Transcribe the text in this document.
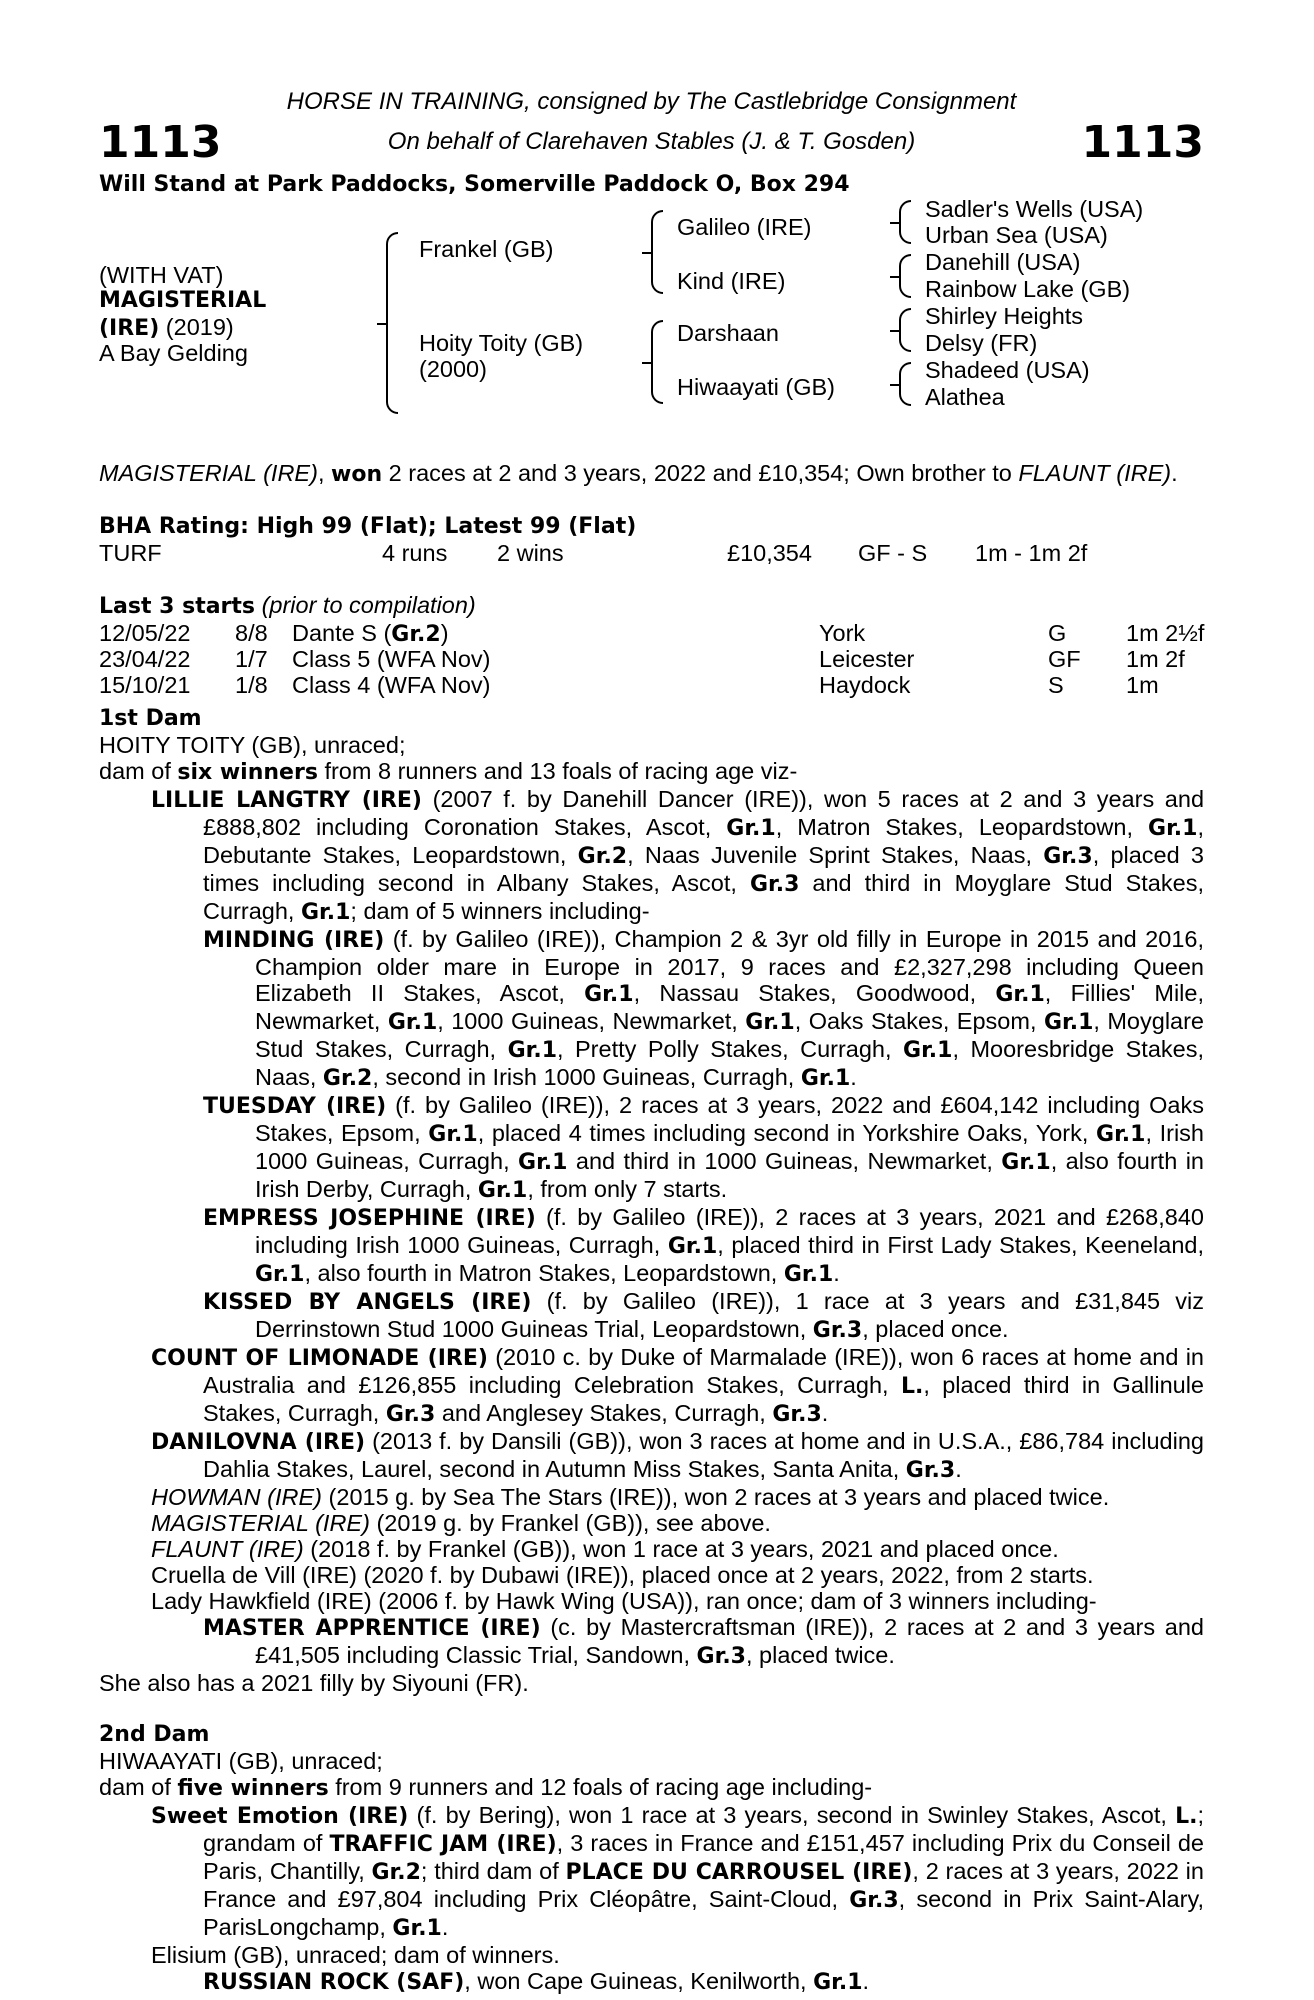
1113	1113
HORSE IN TRAINING, consigned by The Castlebridge Consignment
On behalf of Clarehaven Stables (J. & T. Gosden)
Will Stand at Park Paddocks, Somerville Paddock O, Box 294
(WITH VAT)
MAGISTERIAL
(IRE) (2019)
A Bay Gelding
Frankel (GB)
Hoity Toity (GB)
(2000)
Galileo (IRE)
Kind (IRE)
Darshaan
Hiwaayati (GB)
Sadler's Wells (USA)
Urban Sea (USA)
Danehill (USA)
Rainbow Lake (GB)
Shirley Heights
Delsy (FR)
Shadeed (USA)
Alathea
MAGISTERIAL (IRE), won 2 races at 2 and 3 years, 2022 and £10,354; Own brother to FLAUNT (IRE).
BHA Rating: High 99 (Flat); Latest 99 (Flat)
TURF	4 runs 2 wins	£10,354 GF - S 1m - 1m 2f
Last 3 starts (prior to compilation)
12/05/22 8/8 Dante S (Gr.2)	York	G	1m 2½f
23/04/22 1/7 Class 5 (WFA Nov)	Leicester	GF 1m 2f
15/10/21 1/8 Class 4 (WFA Nov)	Haydock	S	1m
1st Dam
HOITY TOITY (GB), unraced;
dam of six winners from 8 runners and 13 foals of racing age viz-
LILLIE LANGTRY (IRE) (2007 f. by Danehill Dancer (IRE)), won 5 races at 2 and 3 years and £888,802 including Coronation Stakes, Ascot, Gr.1, Matron Stakes, Leopardstown, Gr.1, Debutante Stakes, Leopardstown, Gr.2, Naas Juvenile Sprint Stakes, Naas, Gr.3, placed 3 times including second in Albany Stakes, Ascot, Gr.3 and third in Moyglare Stud Stakes, Curragh, Gr.1; dam of 5 winners including-
MINDING (IRE) (f. by Galileo (IRE)), Champion 2 & 3yr old filly in Europe in 2015 and 2016, Champion older mare in Europe in 2017, 9 races and £2,327,298 including Queen Elizabeth II Stakes, Ascot, Gr.1, Nassau Stakes, Goodwood, Gr.1, Fillies' Mile, Newmarket, Gr.1, 1000 Guineas, Newmarket, Gr.1, Oaks Stakes, Epsom, Gr.1, Moyglare Stud Stakes, Curragh, Gr.1, Pretty Polly Stakes, Curragh, Gr.1, Mooresbridge Stakes, Naas, Gr.2, second in Irish 1000 Guineas, Curragh, Gr.1.
TUESDAY (IRE) (f. by Galileo (IRE)), 2 races at 3 years, 2022 and £604,142 including Oaks Stakes, Epsom, Gr.1, placed 4 times including second in Yorkshire Oaks, York, Gr.1, Irish 1000 Guineas, Curragh, Gr.1 and third in 1000 Guineas, Newmarket, Gr.1, also fourth in Irish Derby, Curragh, Gr.1, from only 7 starts.
EMPRESS JOSEPHINE (IRE) (f. by Galileo (IRE)), 2 races at 3 years, 2021 and £268,840 including Irish 1000 Guineas, Curragh, Gr.1, placed third in First Lady Stakes, Keeneland, Gr.1, also fourth in Matron Stakes, Leopardstown, Gr.1.
KISSED BY ANGELS (IRE) (f. by Galileo (IRE)), 1 race at 3 years and £31,845 viz Derrinstown Stud 1000 Guineas Trial, Leopardstown, Gr.3, placed once.
COUNT OF LIMONADE (IRE) (2010 c. by Duke of Marmalade (IRE)), won 6 races at home and in Australia and £126,855 including Celebration Stakes, Curragh, L., placed third in Gallinule Stakes, Curragh, Gr.3 and Anglesey Stakes, Curragh, Gr.3.
DANILOVNA (IRE) (2013 f. by Dansili (GB)), won 3 races at home and in U.S.A., £86,784 including Dahlia Stakes, Laurel, second in Autumn Miss Stakes, Santa Anita, Gr.3.
HOWMAN (IRE) (2015 g. by Sea The Stars (IRE)), won 2 races at 3 years and placed twice.
MAGISTERIAL (IRE) (2019 g. by Frankel (GB)), see above.
FLAUNT (IRE) (2018 f. by Frankel (GB)), won 1 race at 3 years, 2021 and placed once.
Cruella de Vill (IRE) (2020 f. by Dubawi (IRE)), placed once at 2 years, 2022, from 2 starts.
Lady Hawkfield (IRE) (2006 f. by Hawk Wing (USA)), ran once; dam of 3 winners including-
MASTER APPRENTICE (IRE) (c. by Mastercraftsman (IRE)), 2 races at 2 and 3 years and £41,505 including Classic Trial, Sandown, Gr.3, placed twice.
She also has a 2021 filly by Siyouni (FR).
2nd Dam
HIWAAYATI (GB), unraced;
dam of five winners from 9 runners and 12 foals of racing age including-
Sweet Emotion (IRE) (f. by Bering), won 1 race at 3 years, second in Swinley Stakes, Ascot, L.; grandam of TRAFFIC JAM (IRE), 3 races in France and £151,457 including Prix du Conseil de Paris, Chantilly, Gr.2; third dam of PLACE DU CARROUSEL (IRE), 2 races at 3 years, 2022 in France and £97,804 including Prix Cléopâtre, Saint-Cloud, Gr.3, second in Prix Saint-Alary, ParisLongchamp, Gr.1.
Elisium (GB), unraced; dam of winners.
RUSSIAN ROCK (SAF), won Cape Guineas, Kenilworth, Gr.1.
